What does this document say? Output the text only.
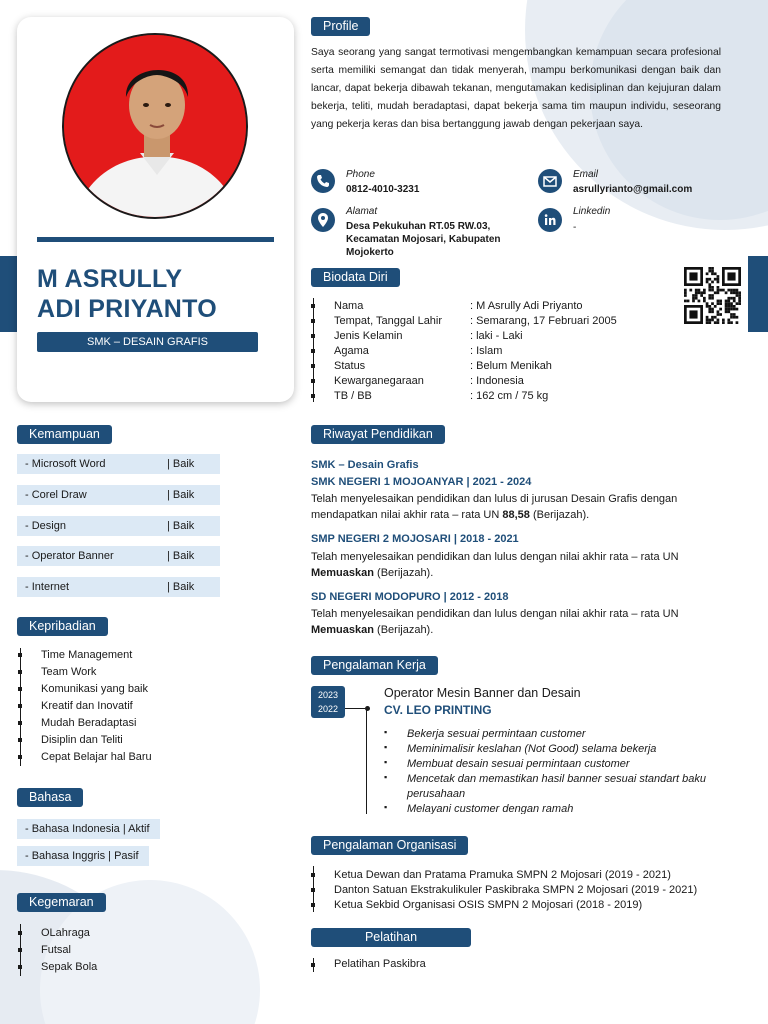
M ASRULLY
ADI PRIYANTO
SMK – DESAIN GRAFIS
Profile
Saya seorang yang sangat termotivasi mengembangkan kemampuan secara profesional serta memiliki semangat dan tidak menyerah, mampu berkomunikasi dengan baik dan lancar, dapat bekerja dibawah tekanan, mengutamakan kedisiplinan dan kejujuran dalam bekerja, teliti, mudah beradaptasi, dapat bekerja sama tim maupun individu, seseorang yang pekerja keras dan bisa bertanggung jawab dengan pekerjaan saya.
Phone
0812-4010-3231
Email
asrullyrianto@gmail.com
Alamat
Desa Pekukuhan RT.05 RW.03,
Kecamatan Mojosari, Kabupaten
Mojokerto
Linkedin
-
Biodata Diri
Nama	: M Asrully Adi Priyanto
Tempat, Tanggal Lahir	: Semarang, 17 Februari 2005
Jenis Kelamin	: laki - Laki
Agama	: Islam
Status	: Belum Menikah
Kewarganegaraan	: Indonesia
TB / BB	: 162 cm / 75 kg
Kemampuan
- Microsoft Word	| Baik
- Corel Draw	| Baik
- Design	| Baik
- Operator Banner	| Baik
- Internet	| Baik
Kepribadian
Time Management
Team Work
Komunikasi yang baik
Kreatif dan Inovatif
Mudah Beradaptasi
Disiplin dan Teliti
Cepat Belajar hal Baru
Bahasa
- Bahasa Indonesia | Aktif
- Bahasa Inggris | Pasif
Kegemaran
OLahraga
Futsal
Sepak Bola
Riwayat Pendidikan
SMK – Desain Grafis
SMK NEGERI 1 MOJOANYAR | 2021 - 2024
Telah menyelesaikan pendidikan dan lulus di jurusan Desain Grafis dengan mendapatkan nilai akhir rata – rata UN 88,58 (Berijazah).
SMP NEGERI 2 MOJOSARI | 2018 - 2021
Telah menyelesaikan pendidikan dan lulus dengan nilai akhir rata – rata UN Memuaskan (Berijazah).
SD NEGERI MODOPURO | 2012 - 2018
Telah menyelesaikan pendidikan dan lulus dengan nilai akhir rata – rata UN Memuaskan (Berijazah).
Pengalaman Kerja
2023
2022
Operator Mesin Banner dan Desain
CV. LEO PRINTING
▪ Bekerja sesuai permintaan customer
▪ Meminimalisir keslahan (Not Good) selama bekerja
▪ Membuat desain sesuai permintaan customer
▪ Mencetak dan memastikan hasil banner sesuai standart baku perusahaan
▪ Melayani customer dengan ramah
Pengalaman Organisasi
Ketua Dewan dan Pratama Pramuka SMPN 2 Mojosari (2019 - 2021)
Danton Satuan Ekstrakulikuler Paskibraka SMPN 2 Mojosari (2019 - 2021)
Ketua Sekbid Organisasi OSIS SMPN 2 Mojosari (2018 - 2019)
Pelatihan
Pelatihan Paskibra
